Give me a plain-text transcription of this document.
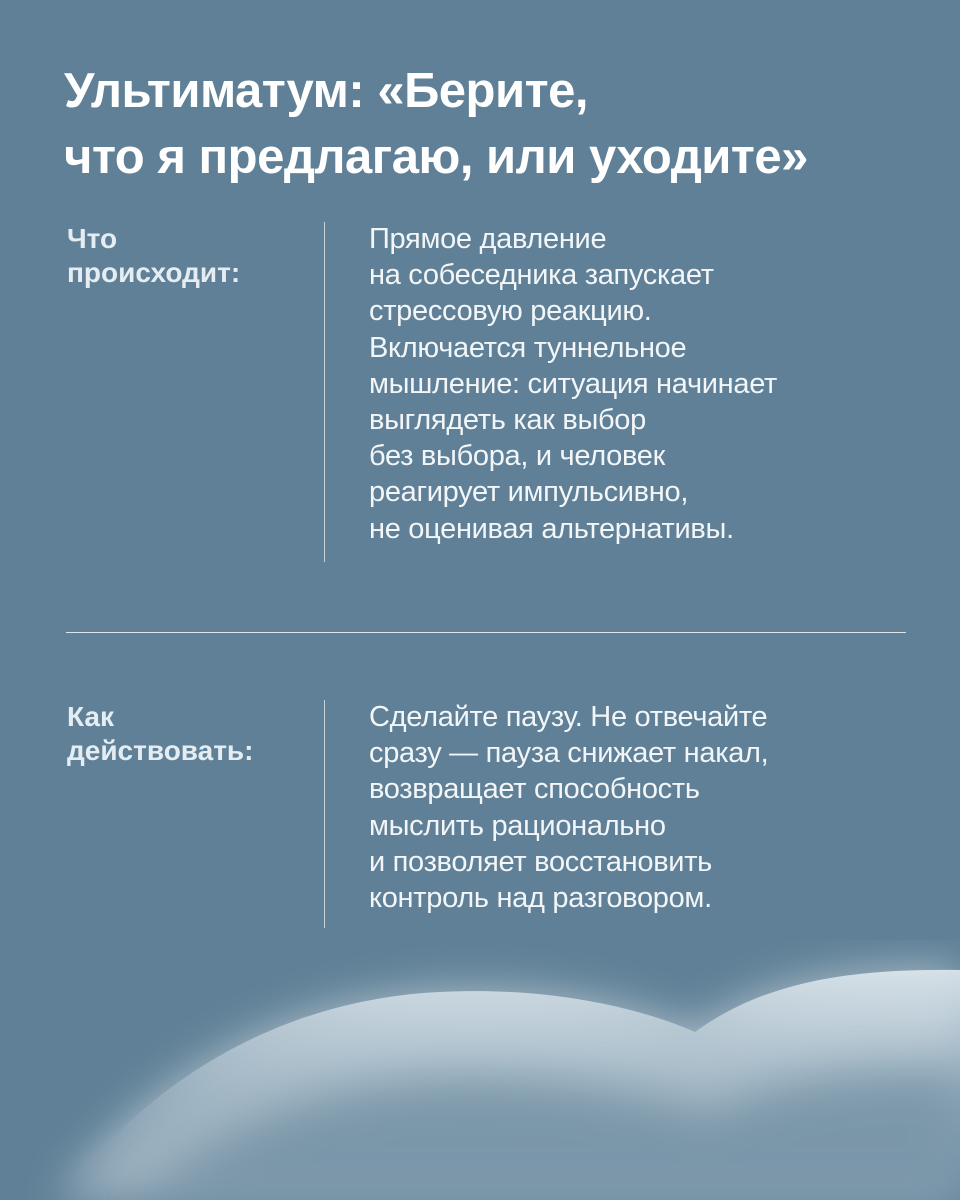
Ультиматум: «Берите,
что я предлагаю, или уходите»
Что
происходит:
Прямое давление
на собеседника запускает
стрессовую реакцию.
Включается туннельное
мышление: ситуация начинает
выглядеть как выбор
без выбора, и человек
реагирует импульсивно,
не оценивая альтернативы.
Как
действовать:
Сделайте паузу. Не отвечайте
сразу — пауза снижает накал,
возвращает способность
мыслить рационально
и позволяет восстановить
контроль над разговором.
